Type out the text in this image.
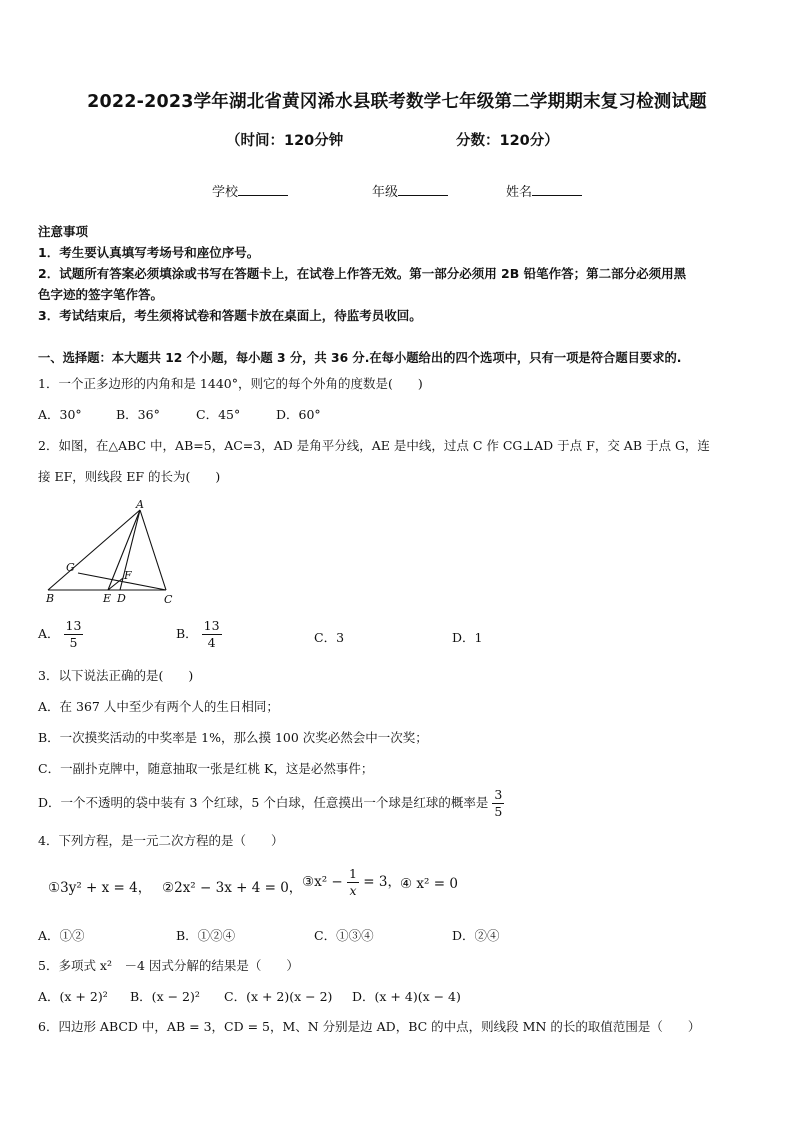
2022-2023学年湖北省黄冈浠水县联考数学七年级第二学期期末复习检测试题
（时间：120分钟	分数：120分）
学校	年级	姓名
注意事项
1．考生要认真填写考场号和座位序号。
2．试题所有答案必须填涂或书写在答题卡上，在试卷上作答无效。第一部分必须用 2B 铅笔作答；第二部分必须用黑
色字迹的签字笔作答。
3．考试结束后，考生须将试卷和答题卡放在桌面上，待监考员收回。
一、选择题：本大题共 12 个小题，每小题 3 分，共 36 分.在每小题给出的四个选项中，只有一项是符合题目要求的.
1．一个正多边形的内角和是 1440°，则它的每个外角的度数是(　　)
A．30°	B．36°	C．45°	D．60°
2．如图，在△ABC 中，AB=5，AC=3，AD 是角平分线，AE 是中线，过点 C 作 CG⊥AD 于点 F，交 AB 于点 G，连
接 EF，则线段 EF 的长为(　　)
A
B	C
D
E
F
G
A． $\frac{13}{5}$	B． $\frac{13}{4}$	C．3	D．1
3．以下说法正确的是(　　)
A．在 367 人中至少有两个人的生日相同；
B．一次摸奖活动的中奖率是 1%，那么摸 100 次奖必然会中一次奖；
C．一副扑克牌中，随意抽取一张是红桃 K，这是必然事件；
D．一个不透明的袋中装有 3 个红球，5 个白球，任意摸出一个球是红球的概率是 $\frac{3}{5}$
4．下列方程，是一元二次方程的是（　　）
①3y² + x = 4， ②2x² − 3x + 4 = 0， ③x² − $\frac{1}{x} = 3$， ④ x² = 0
A．①②	B．①②④	C．①③④	D．②④
5．多项式 x²　－4 因式分解的结果是（　　）
A．(x + 2)² B．(x − 2)² C．(x + 2)(x − 2) D．(x + 4)(x − 4)
6．四边形 ABCD 中，AB = 3，CD = 5，M、N 分别是边 AD，BC 的中点，则线段 MN 的长的取值范围是（　　）
